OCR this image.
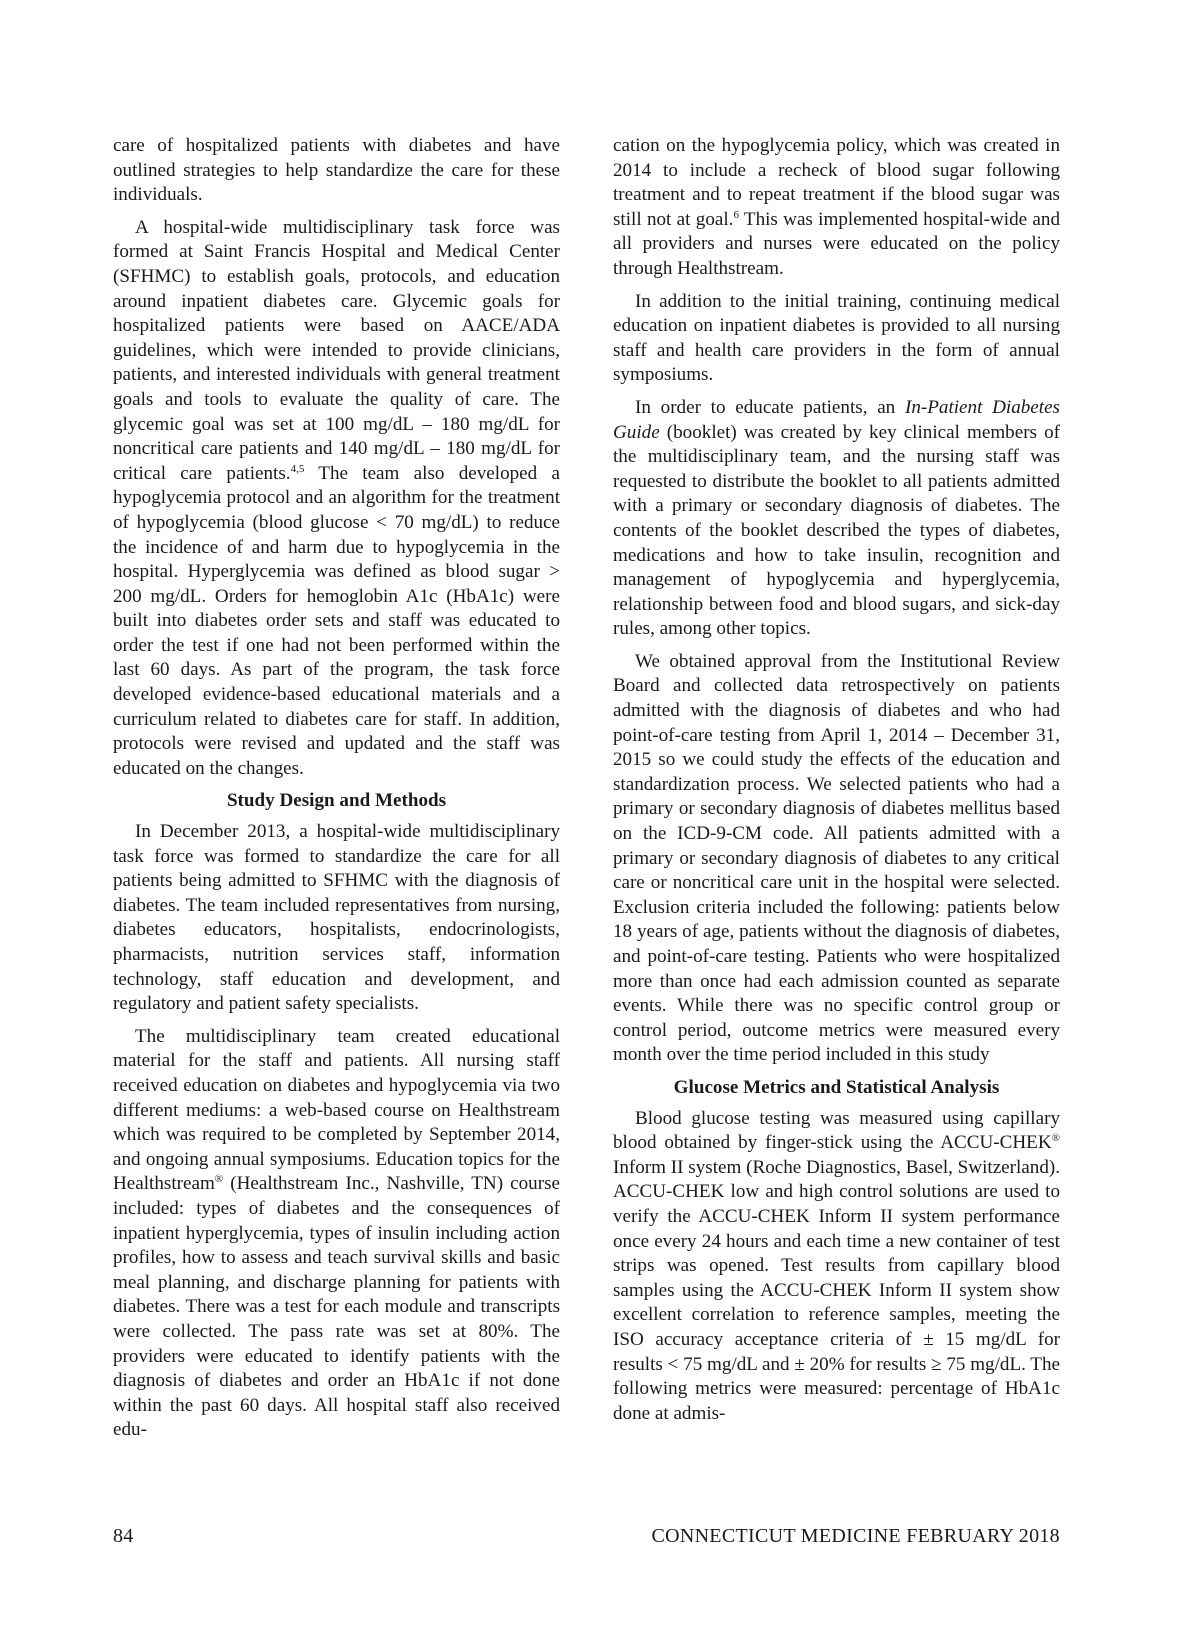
care of hospitalized patients with diabetes and have outlined strategies to help standardize the care for these individuals.

A hospital-wide multidisciplinary task force was formed at Saint Francis Hospital and Medical Center (SFHMC) to establish goals, protocols, and education around inpatient diabetes care. Glycemic goals for hospitalized patients were based on AACE/ADA guidelines, which were intended to provide clinicians, patients, and interested individuals with general treatment goals and tools to evaluate the quality of care. The glycemic goal was set at 100 mg/dL – 180 mg/dL for noncritical care patients and 140 mg/dL – 180 mg/dL for critical care patients.$^{4,5}$ The team also developed a hypoglycemia protocol and an algorithm for the treatment of hypoglycemia (blood glucose < 70 mg/dL) to reduce the incidence of and harm due to hypoglycemia in the hospital. Hyperglycemia was defined as blood sugar > 200 mg/dL. Orders for hemoglobin A1c (HbA1c) were built into diabetes order sets and staff was educated to order the test if one had not been performed within the last 60 days. As part of the program, the task force developed evidence-based educational materials and a curriculum related to diabetes care for staff. In addition, protocols were revised and updated and the staff was educated on the changes.

Study Design and Methods

In December 2013, a hospital-wide multidisciplinary task force was formed to standardize the care for all patients being admitted to SFHMC with the diagnosis of diabetes. The team included representatives from nursing, diabetes educators, hospitalists, endocrinologists, pharmacists, nutrition services staff, information technology, staff education and development, and regulatory and patient safety specialists.

The multidisciplinary team created educational material for the staff and patients. All nursing staff received education on diabetes and hypoglycemia via two different mediums: a web-based course on Healthstream which was required to be completed by September 2014, and ongoing annual symposiums. Education topics for the Healthstream® (Healthstream Inc., Nashville, TN) course included: types of diabetes and the consequences of inpatient hyperglycemia, types of insulin including action profiles, how to assess and teach survival skills and basic meal planning, and discharge planning for patients with diabetes. There was a test for each module and transcripts were collected. The pass rate was set at 80%. The providers were educated to identify patients with the diagnosis of diabetes and order an HbA1c if not done within the past 60 days. All hospital staff also received edu-

cation on the hypoglycemia policy, which was created in 2014 to include a recheck of blood sugar following treatment and to repeat treatment if the blood sugar was still not at goal.$^6$ This was implemented hospital-wide and all providers and nurses were educated on the policy through Healthstream.

In addition to the initial training, continuing medical education on inpatient diabetes is provided to all nursing staff and health care providers in the form of annual symposiums.

In order to educate patients, an In-Patient Diabetes Guide (booklet) was created by key clinical members of the multidisciplinary team, and the nursing staff was requested to distribute the booklet to all patients admitted with a primary or secondary diagnosis of diabetes. The contents of the booklet described the types of diabetes, medications and how to take insulin, recognition and management of hypoglycemia and hyperglycemia, relationship between food and blood sugars, and sick-day rules, among other topics.

We obtained approval from the Institutional Review Board and collected data retrospectively on patients admitted with the diagnosis of diabetes and who had point-of-care testing from April 1, 2014 – December 31, 2015 so we could study the effects of the education and standardization process. We selected patients who had a primary or secondary diagnosis of diabetes mellitus based on the ICD-9-CM code. All patients admitted with a primary or secondary diagnosis of diabetes to any critical care or noncritical care unit in the hospital were selected. Exclusion criteria included the following: patients below 18 years of age, patients without the diagnosis of diabetes, and point-of-care testing. Patients who were hospitalized more than once had each admission counted as separate events. While there was no specific control group or control period, outcome metrics were measured every month over the time period included in this study

Glucose Metrics and Statistical Analysis

Blood glucose testing was measured using capillary blood obtained by finger-stick using the ACCU-CHEK® Inform II system (Roche Diagnostics, Basel, Switzerland). ACCU-CHEK low and high control solutions are used to verify the ACCU-CHEK Inform II system performance once every 24 hours and each time a new container of test strips was opened. Test results from capillary blood samples using the ACCU-CHEK Inform II system show excellent correlation to reference samples, meeting the ISO accuracy acceptance criteria of ± 15 mg/dL for results < 75 mg/dL and ± 20% for results ≥ 75 mg/dL. The following metrics were measured: percentage of HbA1c done at admis-

84	CONNECTICUT MEDICINE FEBRUARY 2018
